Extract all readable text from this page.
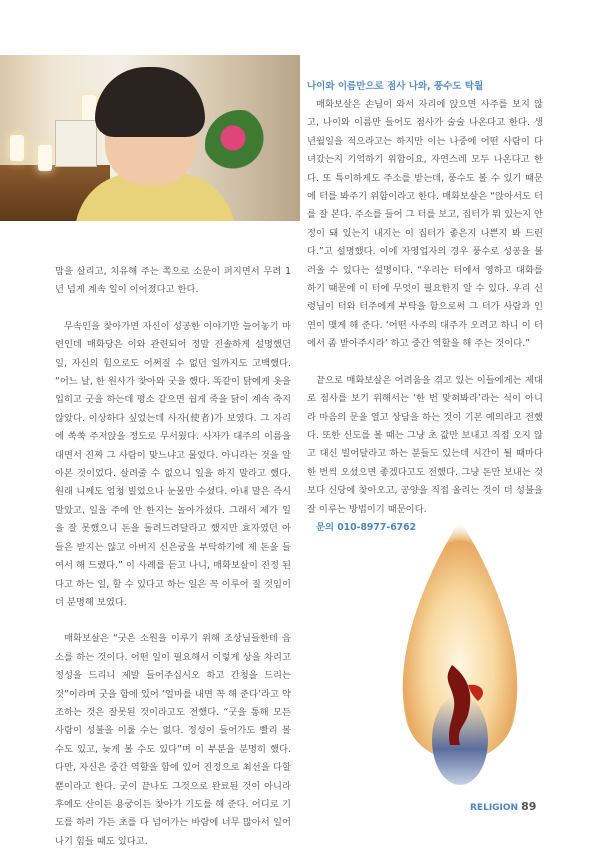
맘을 살리고, 치유해 주는 쪽으로 소문이 퍼지면서 무려 1년 넘게 계속 일이 이어졌다고 한다.

무속인을 찾아가면 자신이 성공한 이야기만 늘어놓기 마련인데 매화당은 이와 관련되어 정말 진솔하게 설명했던 일, 자신의 힘으로도 어쩌질 수 없던 일까지도 고백했다. “어느 날, 한 원사가 찾아와 굿을 했다. 똑같이 닭에게 옷을 입히고 굿을 하는데 평소 같으면 쉽게 죽을 닭이 계속 죽지 않았다. 이상하다 싶었는데 사자(使者)가 보였다. 그 자리에 쑥쑥 주저앉을 정도로 무서웠다. 사자가 대주의 이름을 대면서 진짜 그 사람이 맞느냐고 물었다. 아니라는 것을 알아본 것이었다. 살려줄 수 없으니 일을 하지 말라고 했다. 원래 니께도 엄청 빌었으나 눈물만 수셨다. 아내 말은 즉시 말았고, 일을 주에 안 한지는 놀아가셨다. 그래서 제가 일을 잘 못했으니 돈을 돌려드려달라고 했지만 효자였던 아들은 받지는 않고 아버지 신은궁을 부탁하기에 제 돈을 들여서 해 드렸다.” 이 사례를 듣고 나니, 매화보살이 진정 된다고 하는 일, 할 수 있다고 하는 일은 꼭 이루어 질 것임이 더 분명해 보였다.

매화보살은 “굿은 소원을 이루기 위해 조상님들한테 읍소를 하는 것이다. 어떤 일이 필요해서 이렇게 상을 차리고 정성을 드리니 제발 들어주십시오 하고 간청을 드리는 것”이라며 굿을 함에 있어 ‘얼마를 내면 꼭 해 준다’라고 약조하는 것은 잘못된 것이라고도 전했다. “굿을 통해 모든 사람이 성불을 이룰 수는 없다. 정성이 들어가도 빨리 볼 수도 있고, 늦게 볼 수도 있다”며 이 부분을 분명히 했다. 다만, 자신은 중간 역할을 함에 있어 진정으로 최선을 다할 뿐이라고 한다. 굿이 끝나도 그것으로 완료된 것이 아니라 후에도 산이든 용궁이든 찾아가 기도를 해 준다. 어디로 기도를 하러 가든 초를 다 넘어가는 바람에 너무 많아서 일어나기 힘들 때도 있다고.

나이와 이름만으로 점사 나와, 풍수도 탁월

매화보살은 손님이 와서 자리에 앉으면 사주를 보지 않고, 나이와 이름만 들어도 점사가 술술 나온다고 한다. 생년월일을 적으라고는 하지만 이는 나중에 어떤 사람이 다녀갔는지 기억하기 위함이요, 자연스레 모두 나온다고 한다. 또 특이하게도 주소를 받는데, 풍수도 볼 수 있기 때문에 터를 봐주기 위함이라고 한다. 매화보살은 “앉아서도 터를 잘 본다. 주소를 들어 그 터를 보고, 집터가 뭐 있는지 안정이 돼 있는지 내지는 이 집터가 좋은지 나쁜지 봐 드린다.”고 설명했다. 이에 자영업자의 경우 풍수로 성공을 불러올 수 있다는 설명이다. “우리는 터에서 영하고 대화를 하기 때문에 이 터에 무엇이 필요한지 알 수 있다. 우리 신령님이 터와 터주에게 부탁을 함으로써 그 터가 사람과 인연이 맺게 해 준다. ‘어떤 사주의 대주가 오려고 하니 이 터에서 좀 받아주시라’ 하고 중간 역할을 해 주는 것이다.”

끝으로 매화보살은 어려움을 겪고 있는 이들에게는 제대로 점사를 보기 위해서는 ‘한 번 맞혀봐라’라는 식이 아니라 마음의 문을 열고 상담을 하는 것이 기본 예의라고 전했다. 또한 신도를 볼 때는 그냥 초 값만 보내고 직접 오지 않고 대신 빌어달라고 하는 분들도 있는데 시간이 될 때마다 한 번씩 오셨으면 좋겠다고도 전했다. 그냥 돈만 보내는 것보다 신당에 찾아오고, 공양을 직접 올리는 것이 더 성불을 잘 이루는 방법이기 때문이다.

문의 010-8977-6762

RELIGION 89
